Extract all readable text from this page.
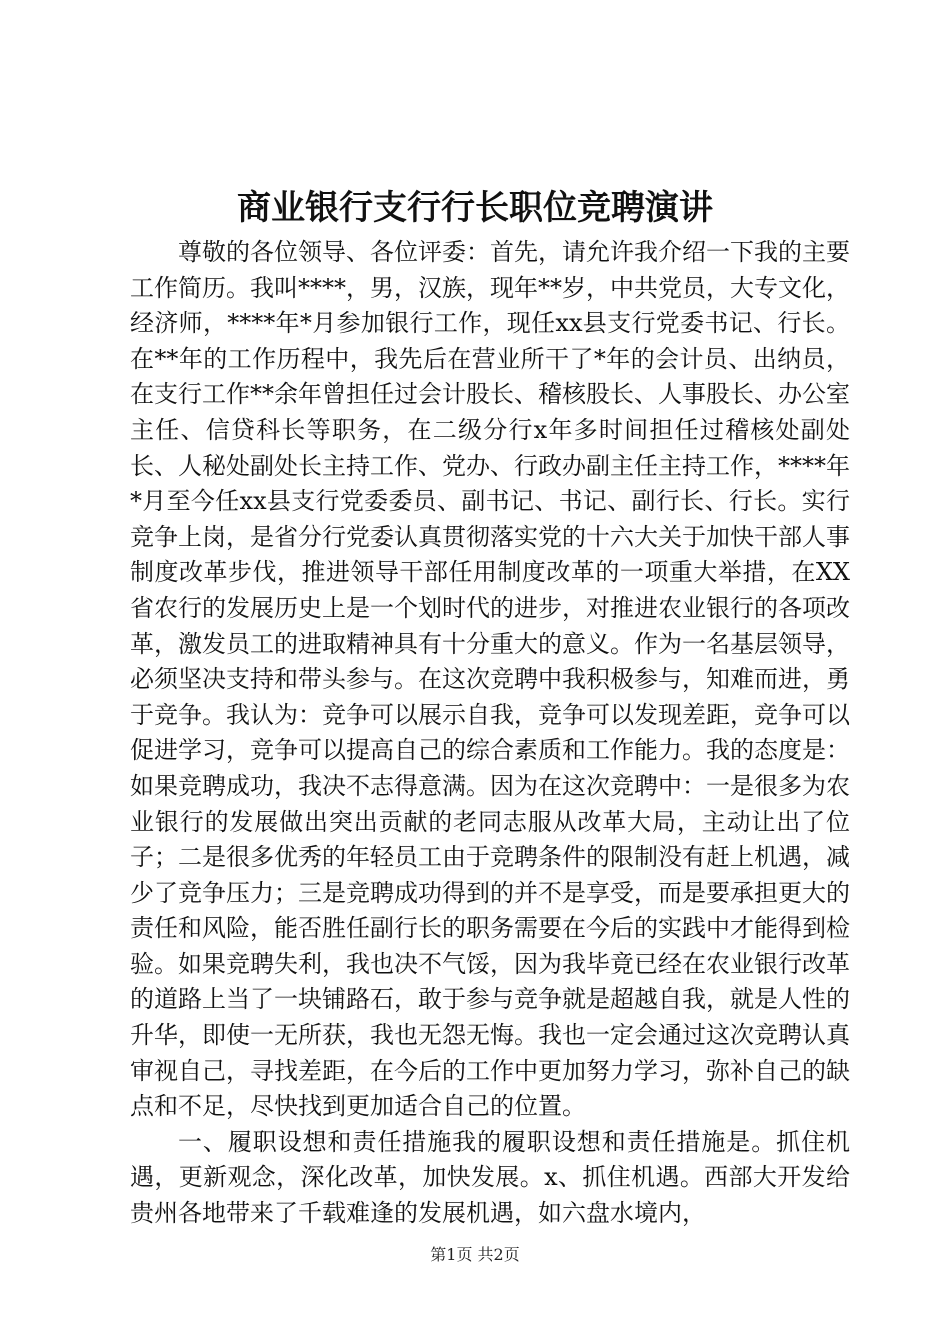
商业银行支行行长职位竞聘演讲

尊敬的各位领导、各位评委：首先，请允许我介绍一下我的主要工作简历。我叫****，男，汉族，现年**岁，中共党员，大专文化，经济师，****年*月参加银行工作，现任xx县支行党委书记、行长。在**年的工作历程中，我先后在营业所干了*年的会计员、出纳员，在支行工作**余年曾担任过会计股长、稽核股长、人事股长、办公室主任、信贷科长等职务，在二级分行x年多时间担任过稽核处副处长、人秘处副处长主持工作、党办、行政办副主任主持工作，****年*月至今任xx县支行党委委员、副书记、书记、副行长、行长。实行竞争上岗，是省分行党委认真贯彻落实党的十六大关于加快干部人事制度改革步伐，推进领导干部任用制度改革的一项重大举措，在XX省农行的发展历史上是一个划时代的进步，对推进农业银行的各项改革，激发员工的进取精神具有十分重大的意义。作为一名基层领导，必须坚决支持和带头参与。在这次竞聘中我积极参与，知难而进，勇于竞争。我认为：竞争可以展示自我，竞争可以发现差距，竞争可以促进学习，竞争可以提高自己的综合素质和工作能力。我的态度是：如果竞聘成功，我决不志得意满。因为在这次竞聘中：一是很多为农业银行的发展做出突出贡献的老同志服从改革大局，主动让出了位子；二是很多优秀的年轻员工由于竞聘条件的限制没有赶上机遇，减少了竞争压力；三是竞聘成功得到的并不是享受，而是要承担更大的责任和风险，能否胜任副行长的职务需要在今后的实践中才能得到检验。如果竞聘失利，我也决不气馁，因为我毕竟已经在农业银行改革的道路上当了一块铺路石，敢于参与竞争就是超越自我，就是人性的升华，即使一无所获，我也无怨无悔。我也一定会通过这次竞聘认真审视自己，寻找差距，在今后的工作中更加努力学习，弥补自己的缺点和不足，尽快找到更加适合自己的位置。

一、履职设想和责任措施我的履职设想和责任措施是。抓住机遇，更新观念，深化改革，加快发展。x、抓住机遇。西部大开发给贵州各地带来了千载难逢的发展机遇，如六盘水境内，

第1页 共2页
